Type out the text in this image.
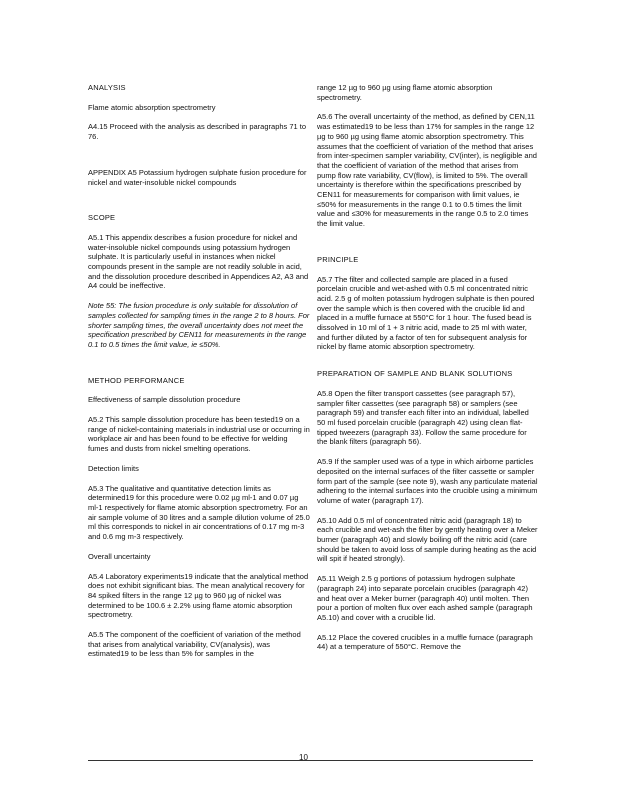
ANALYSIS

Flame atomic absorption spectrometry

A4.15 Proceed with the analysis as described in paragraphs 71 to 76.

APPENDIX A5 Potassium hydrogen sulphate fusion procedure for nickel and water-insoluble nickel compounds

SCOPE

A5.1 This appendix describes a fusion procedure for nickel and water-insoluble nickel compounds using potassium hydrogen sulphate. It is particularly useful in instances when nickel compounds present in the sample are not readily soluble in acid, and the dissolution procedure described in Appendices A2, A3 and A4 could be ineffective.

Note 55: The fusion procedure is only suitable for dissolution of samples collected for sampling times in the range 2 to 8 hours. For shorter sampling times, the overall uncertainty does not meet the specification prescribed by CEN11 for measurements in the range 0.1 to 0.5 times the limit value, ie ≤50%.

METHOD PERFORMANCE

Effectiveness of sample dissolution procedure

A5.2 This sample dissolution procedure has been tested19 on a range of nickel-containing materials in industrial use or occurring in workplace air and has been found to be effective for welding fumes and dusts from nickel smelting operations.

Detection limits

A5.3 The qualitative and quantitative detection limits as determined19 for this procedure were 0.02 µg ml-1 and 0.07 µg ml-1 respectively for flame atomic absorption spectrometry. For an air sample volume of 30 litres and a sample dilution volume of 25.0 ml this corresponds to nickel in air concentrations of 0.17 mg m-3 and 0.6 mg m-3 respectively.

Overall uncertainty

A5.4 Laboratory experiments19 indicate that the analytical method does not exhibit significant bias. The mean analytical recovery for 84 spiked filters in the range 12 µg to 960 µg of nickel was determined to be 100.6 ± 2.2% using flame atomic absorption spectrometry.

A5.5 The component of the coefficient of variation of the method that arises from analytical variability, CV(analysis), was estimated19 to be less than 5% for samples in the

range 12 µg to 960 µg using flame atomic absorption spectrometry.

A5.6 The overall uncertainty of the method, as defined by CEN,11 was estimated19 to be less than 17% for samples in the range 12 µg to 960 µg using flame atomic absorption spectrometry. This assumes that the coefficient of variation of the method that arises from inter-specimen sampler variability, CV(inter), is negligible and that the coefficient of variation of the method that arises from pump flow rate variability, CV(flow), is limited to 5%. The overall uncertainty is therefore within the specifications prescribed by CEN11 for measurements for comparison with limit values, ie ≤50% for measurements in the range 0.1 to 0.5 times the limit value and ≤30% for measurements in the range 0.5 to 2.0 times the limit value.

PRINCIPLE

A5.7 The filter and collected sample are placed in a fused porcelain crucible and wet-ashed with 0.5 ml concentrated nitric acid. 2.5 g of molten potassium hydrogen sulphate is then poured over the sample which is then covered with the crucible lid and placed in a muffle furnace at 550°C for 1 hour. The fused bead is dissolved in 10 ml of 1 + 3 nitric acid, made to 25 ml with water, and further diluted by a factor of ten for subsequent analysis for nickel by flame atomic absorption spectrometry.

PREPARATION OF SAMPLE AND BLANK SOLUTIONS

A5.8 Open the filter transport cassettes (see paragraph 57), sampler filter cassettes (see paragraph 58) or samplers (see paragraph 59) and transfer each filter into an individual, labelled 50 ml fused porcelain crucible (paragraph 42) using clean flat-tipped tweezers (paragraph 33). Follow the same procedure for the blank filters (paragraph 56).

A5.9 If the sampler used was of a type in which airborne particles deposited on the internal surfaces of the filter cassette or sampler form part of the sample (see note 9), wash any particulate material adhering to the internal surfaces into the crucible using a minimum volume of water (paragraph 17).

A5.10 Add 0.5 ml of concentrated nitric acid (paragraph 18) to each crucible and wet-ash the filter by gently heating over a Meker burner (paragraph 40) and slowly boiling off the nitric acid (care should be taken to avoid loss of sample during heating as the acid will spit if heated strongly).

A5.11 Weigh 2.5 g portions of potassium hydrogen sulphate (paragraph 24) into separate porcelain crucibles (paragraph 42) and heat over a Meker burner (paragraph 40) until molten. Then pour a portion of molten flux over each ashed sample (paragraph A5.10) and cover with a crucible lid.

A5.12 Place the covered crucibles in a muffle furnace (paragraph 44) at a temperature of 550°C. Remove the

10
